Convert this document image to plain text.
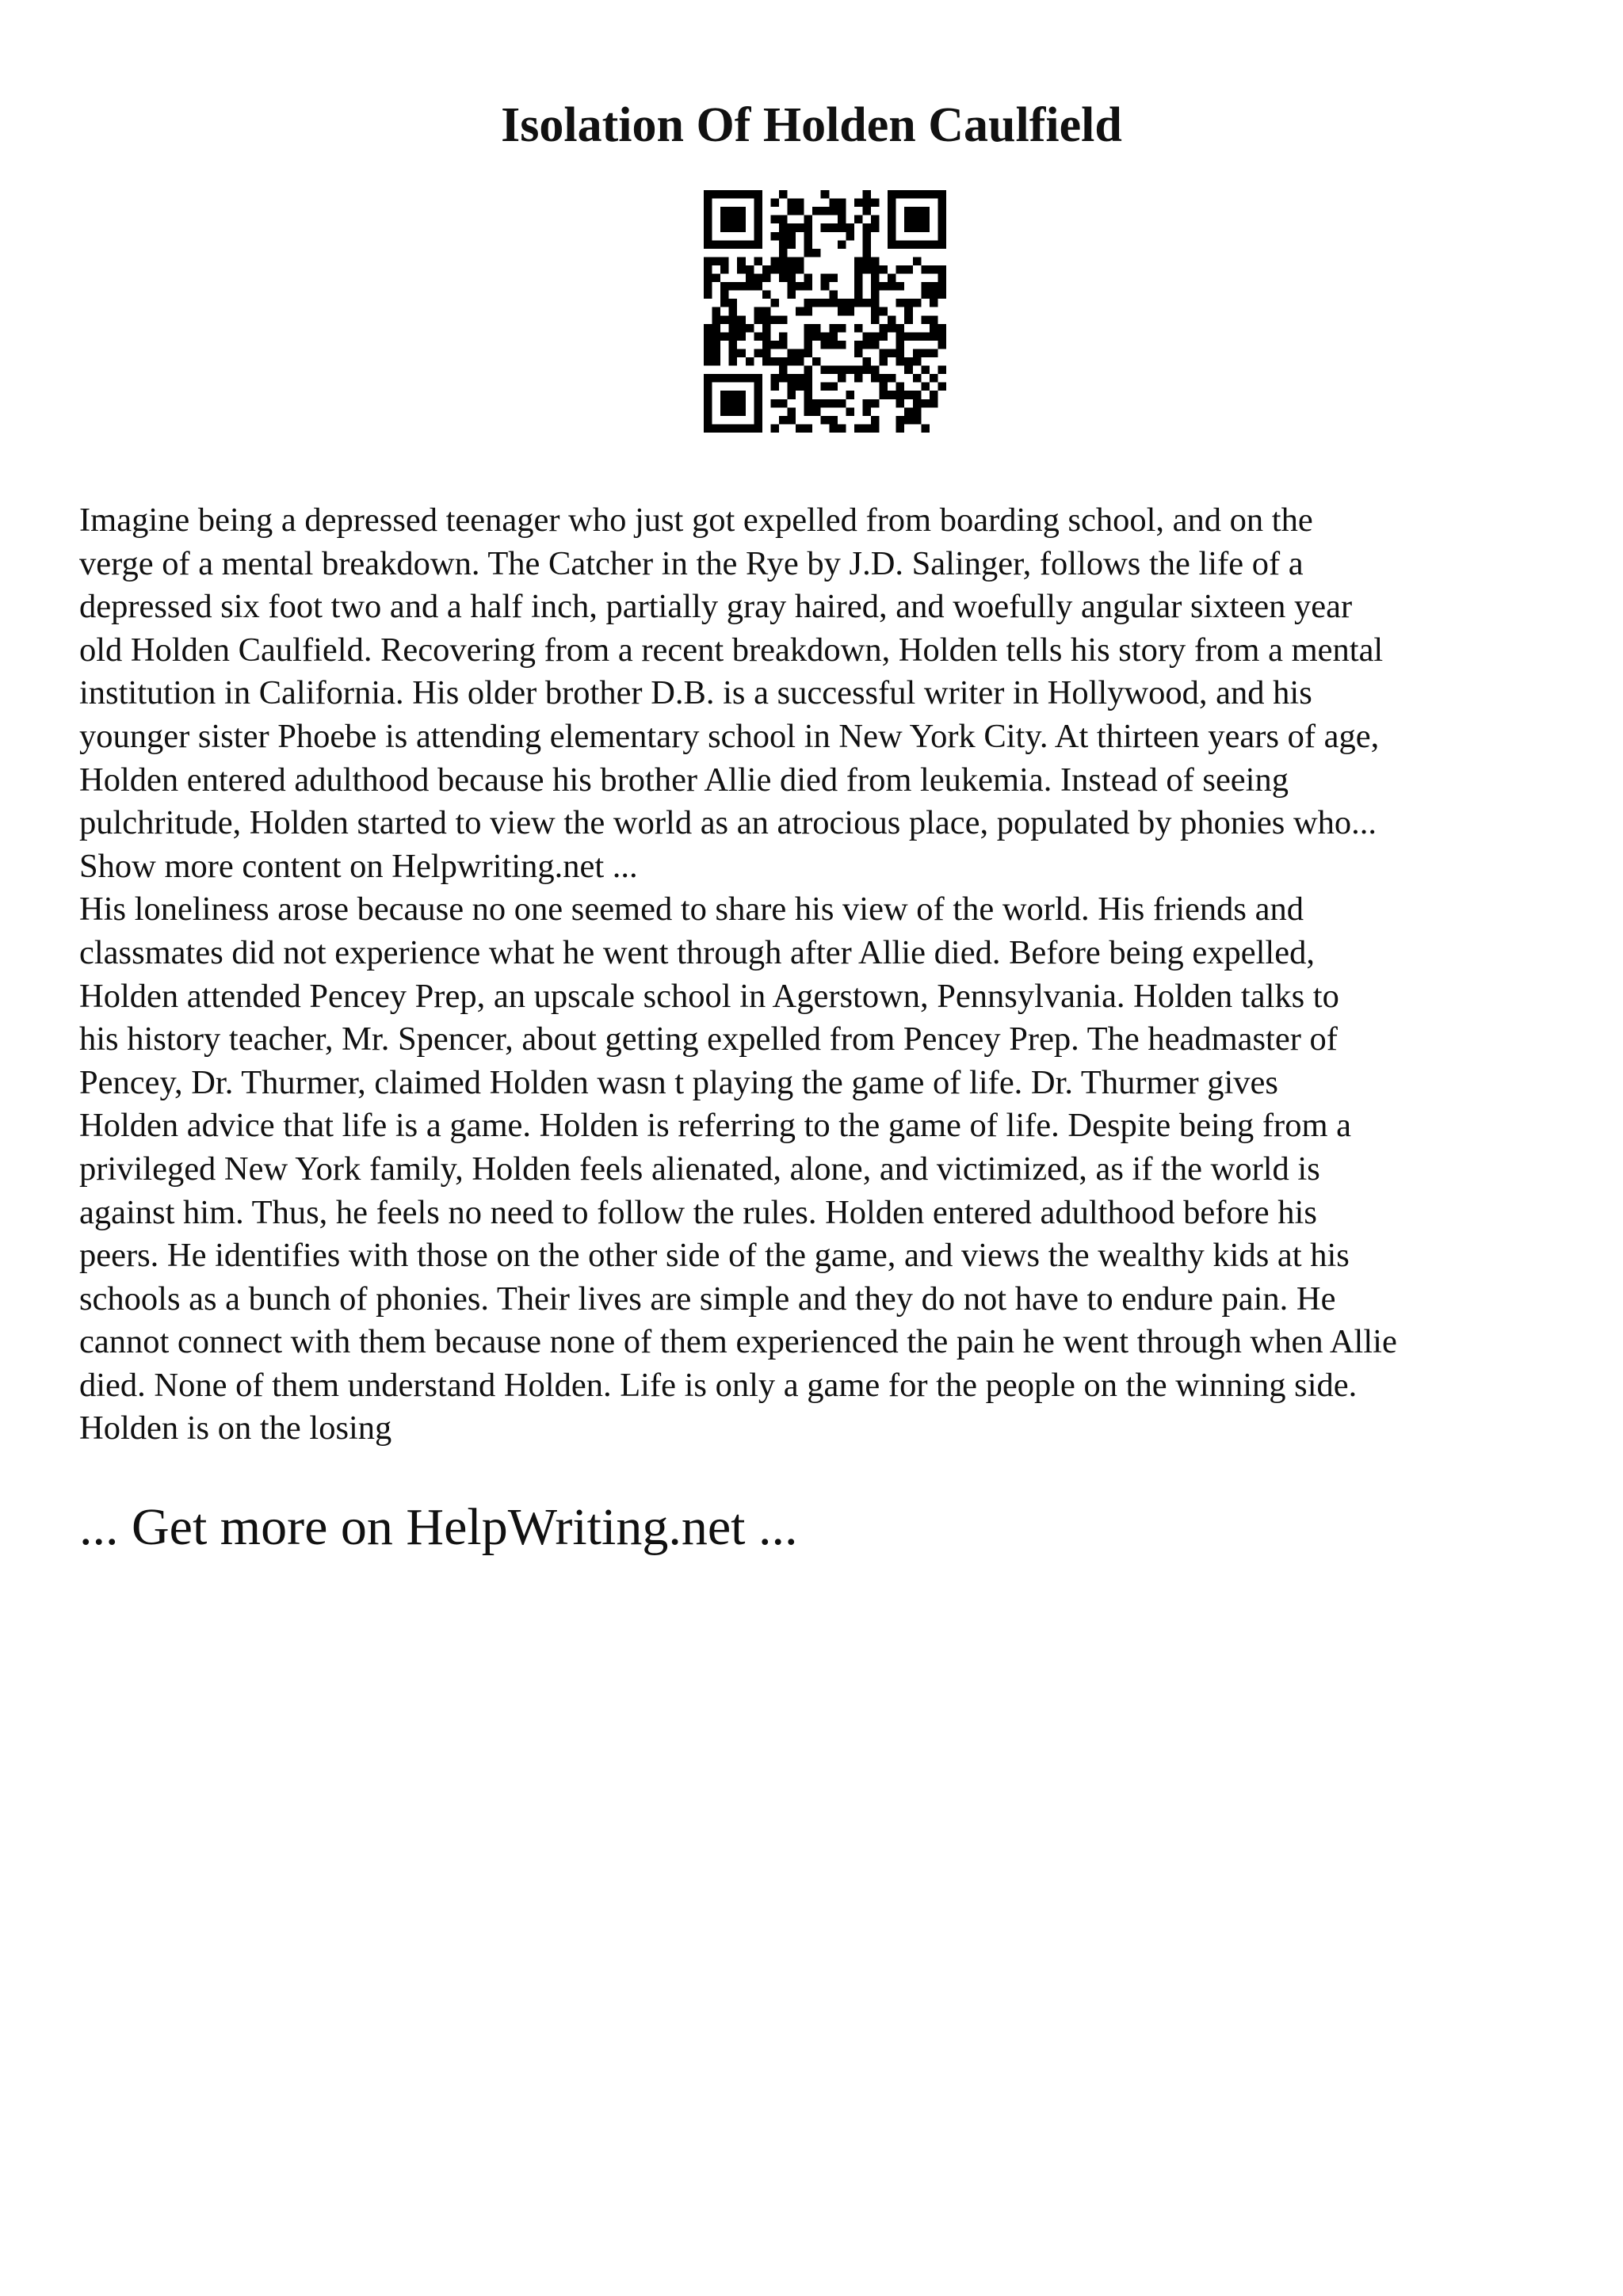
Isolation Of Holden Caulfield

Imagine being a depressed teenager who just got expelled from boarding school, and on the
verge of a mental breakdown. The Catcher in the Rye by J.D. Salinger, follows the life of a
depressed six foot two and a half inch, partially gray haired, and woefully angular sixteen year
old Holden Caulfield. Recovering from a recent breakdown, Holden tells his story from a mental
institution in California. His older brother D.B. is a successful writer in Hollywood, and his
younger sister Phoebe is attending elementary school in New York City. At thirteen years of age,
Holden entered adulthood because his brother Allie died from leukemia. Instead of seeing
pulchritude, Holden started to view the world as an atrocious place, populated by phonies who...
Show more content on Helpwriting.net ...

His loneliness arose because no one seemed to share his view of the world. His friends and
classmates did not experience what he went through after Allie died. Before being expelled,
Holden attended Pencey Prep, an upscale school in Agerstown, Pennsylvania. Holden talks to
his history teacher, Mr. Spencer, about getting expelled from Pencey Prep. The headmaster of
Pencey, Dr. Thurmer, claimed Holden wasn t playing the game of life. Dr. Thurmer gives
Holden advice that life is a game. Holden is referring to the game of life. Despite being from a
privileged New York family, Holden feels alienated, alone, and victimized, as if the world is
against him. Thus, he feels no need to follow the rules. Holden entered adulthood before his
peers. He identifies with those on the other side of the game, and views the wealthy kids at his
schools as a bunch of phonies. Their lives are simple and they do not have to endure pain. He
cannot connect with them because none of them experienced the pain he went through when Allie
died. None of them understand Holden. Life is only a game for the people on the winning side.
Holden is on the losing

... Get more on HelpWriting.net ...
